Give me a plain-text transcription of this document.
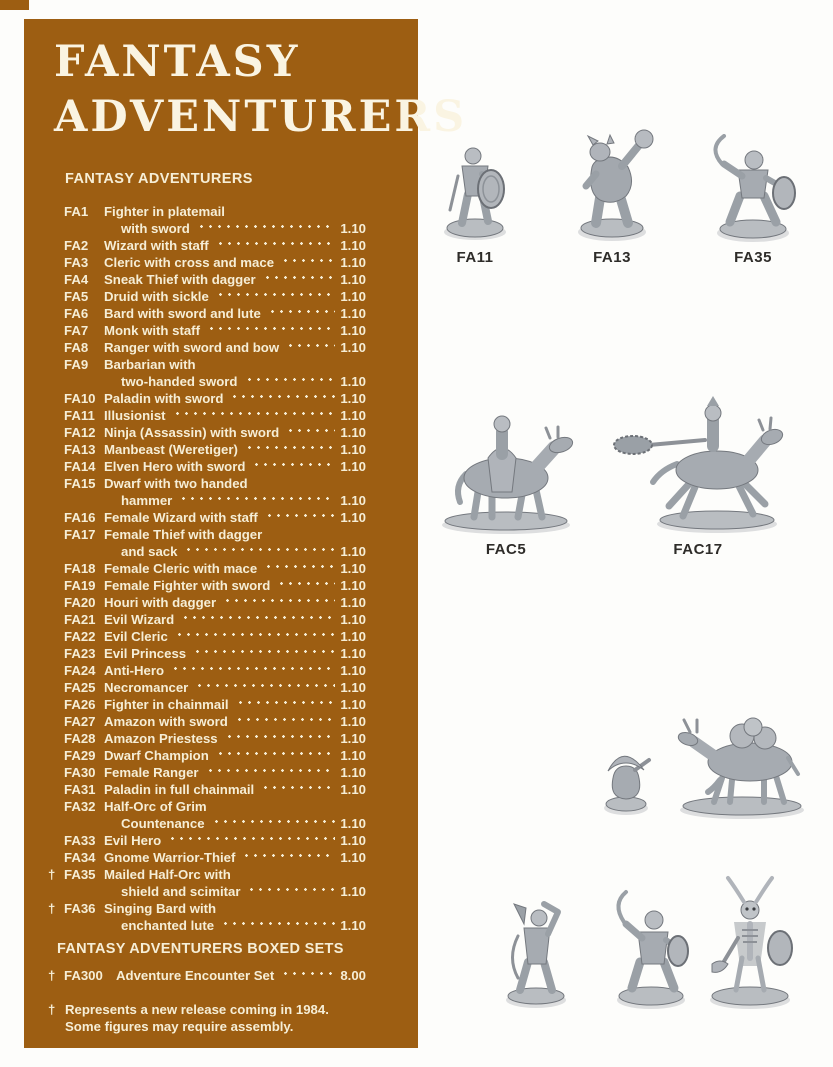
FANTASY
ADVENTURERS
FANTASY ADVENTURERS
FA1	Fighter in platemail
with sword	1.10
FA2	Wizard with staff	1.10
FA3	Cleric with cross and mace	1.10
FA4	Sneak Thief with dagger	1.10
FA5	Druid with sickle	1.10
FA6	Bard with sword and lute	1.10
FA7	Monk with staff	1.10
FA8	Ranger with sword and bow	1.10
FA9	Barbarian with
two-handed sword	1.10
FA10 Paladin with sword	1.10
FA11 Illusionist	1.10
FA12 Ninja (Assassin) with sword	1.10
FA13 Manbeast (Weretiger)	1.10
FA14 Elven Hero with sword	1.10
FA15 Dwarf with two handed
hammer	1.10
FA16 Female Wizard with staff	1.10
FA17 Female Thief with dagger
and sack	1.10
FA18 Female Cleric with mace	1.10
FA19 Female Fighter with sword	1.10
FA20 Houri with dagger	1.10
FA21 Evil Wizard	1.10
FA22 Evil Cleric	1.10
FA23 Evil Princess	1.10
FA24 Anti-Hero	1.10
FA25 Necromancer	1.10
FA26 Fighter in chainmail	1.10
FA27 Amazon with sword	1.10
FA28 Amazon Priestess	1.10
FA29 Dwarf Champion	1.10
FA30 Female Ranger	1.10
FA31 Paladin in full chainmail	1.10
FA32 Half-Orc of Grim
Countenance	1.10
FA33 Evil Hero	1.10
FA34 Gnome Warrior-Thief	1.10
† FA35 Mailed Half-Orc with
shield and scimitar	1.10
† FA36 Singing Bard with
enchanted lute	1.10
FANTASY ADVENTURERS BOXED SETS
† FA300 Adventure Encounter Set	8.00
† Represents a new release coming in 1984.
Some figures may require assembly.
FA11	FA13	FA35
FAC5	FAC17
